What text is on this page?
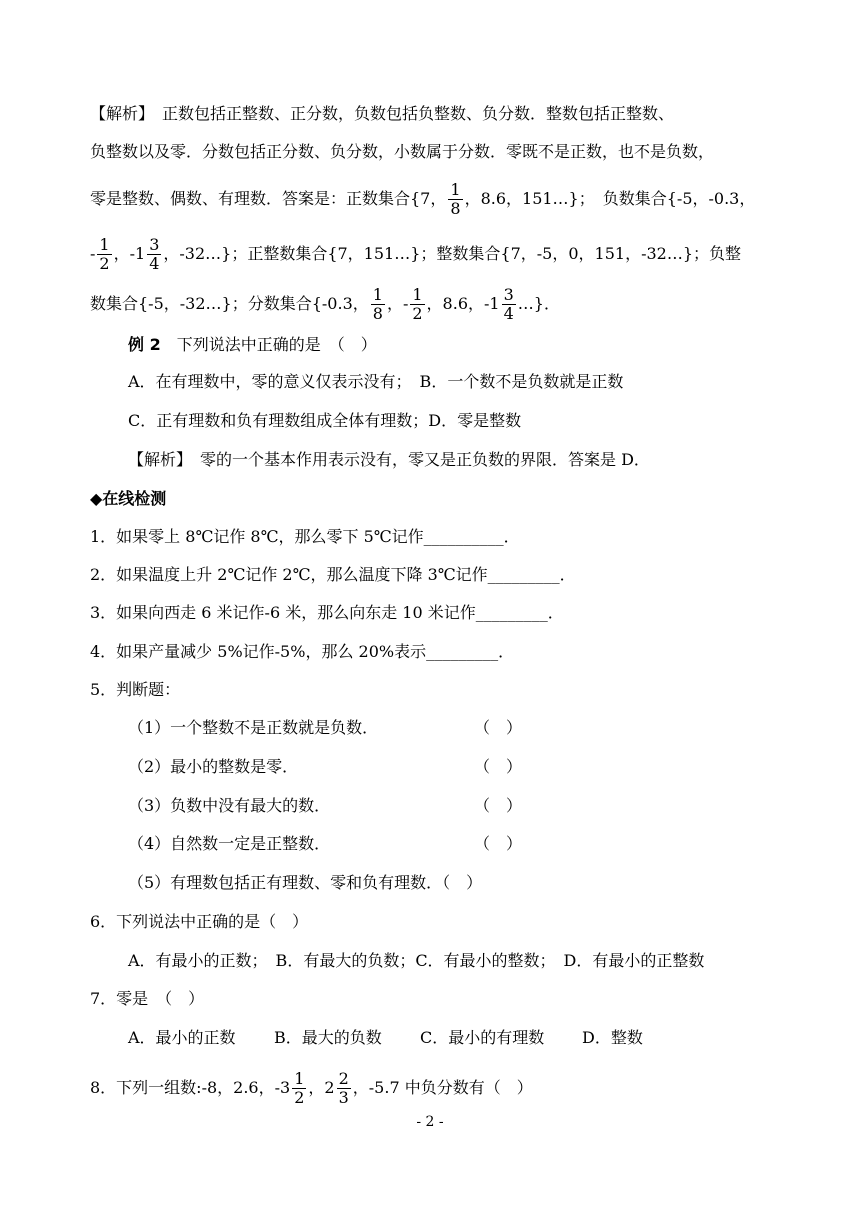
【解析】　正数包括正整数、正分数，负数包括负整数、负分数．整数包括正整数、
负整数以及零．分数包括正分数、负分数，小数属于分数．零既不是正数，也不是负数，
零是整数、偶数、有理数．答案是：正数集合{7， $\frac{1}{8}$ ，8.6，151…}；　负数集合{-5，-0.3，
- $\frac{1}{2}$ ，$-1 \frac{3}{4}$ ，-32…}；正整数集合{7，151…}；整数集合{7，-5，0，151，-32…}；负整
数集合{-5，-32…}；分数集合{-0.3， $\frac{1}{8}$ ，- $\frac{1}{2}$ ，8.6，$-1 \frac{3}{4}$ …}．
例 2　 下列说法中正确的是　（　）
A．在有理数中，零的意义仅表示没有；　B．一个数不是负数就是正数
C．正有理数和负有理数组成全体有理数；D．零是整数
【解析】　零的一个基本作用表示没有，零又是正负数的界限．答案是 D．
◆在线检测
1．如果零上 8℃记作 8℃，那么零下 5℃记作__________．
2．如果温度上升 2℃记作 2℃，那么温度下降 3℃记作_________．
3．如果向西走 6 米记作-6 米，那么向东走 10 米记作_________．
4．如果产量减少 5%记作-5%，那么 20%表示_________．
5．判断题：
（1）一个整数不是正数就是负数．	（　）
（2）最小的整数是零．	（　）
（3）负数中没有最大的数．	（　）
（4）自然数一定是正整数．	（　）
（5）有理数包括正有理数、零和负有理数．（　）
6．下列说法中正确的是（　）
A．有最小的正数；　B．有最大的负数；C．有最小的整数；　D．有最小的正整数
7．零是　（　）
A．最小的正数 B．最大的负数 C．最小的有理数 D．整数
8．下列一组数:-8，2.6，$-3 \frac{1}{2}$ ，$2 \frac{2}{3}$ ，-5.7 中负分数有（　）
- 2 -
